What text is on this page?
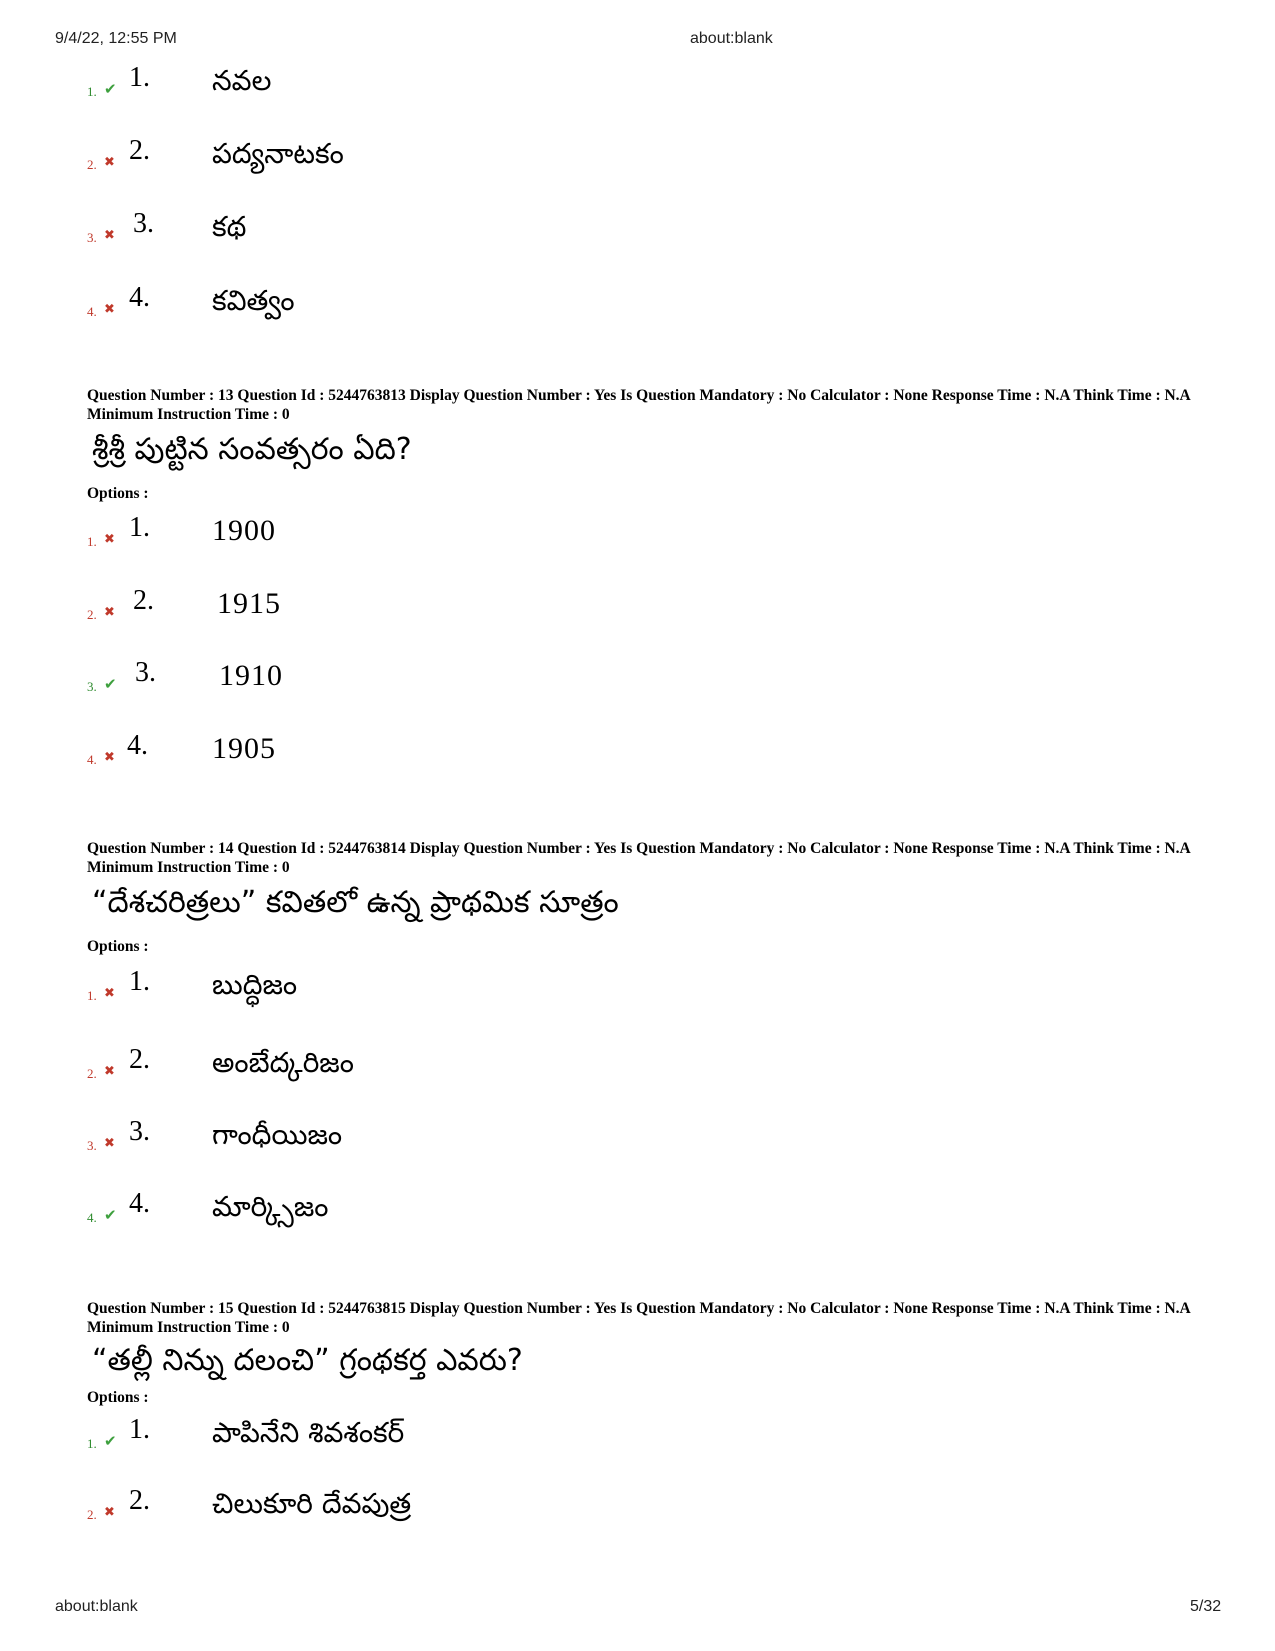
9/4/22, 12:55 PM	about:blank
about:blank	5/32
1. ✔ 1. నవల
2. ✖ 2. పద్యనాటకం
3. ✖ 3. కథ
4. ✖ 4. కవిత్వం
Question Number : 13 Question Id : 5244763813 Display Question Number : Yes Is Question Mandatory : No Calculator : None Response Time : N.A Think Time : N.A Minimum Instruction Time : 0
శ్రీశ్రీ పుట్టిన సంవత్సరం ఏది?
Options :
1. ✖ 1. 1900
2. ✖ 2. 1915
3. ✔ 3. 1910
4. ✖ 4. 1905
Question Number : 14 Question Id : 5244763814 Display Question Number : Yes Is Question Mandatory : No Calculator : None Response Time : N.A Think Time : N.A Minimum Instruction Time : 0
“దేశచరిత్రలు” కవితలో ఉన్న ప్రాథమిక సూత్రం
Options :
1. ✖ 1. బుద్ధిజం
2. ✖ 2. అంబేద్కరిజం
3. ✖ 3. గాంధీయిజం
4. ✔ 4. మార్క్సిజం
Question Number : 15 Question Id : 5244763815 Display Question Number : Yes Is Question Mandatory : No Calculator : None Response Time : N.A Think Time : N.A Minimum Instruction Time : 0
“తల్లీ నిన్ను దలంచి” గ్రంథకర్త ఎవరు?
Options :
1. ✔ 1. పాపినేని శివశంకర్
2. ✖ 2. చిలుకూరి దేవపుత్ర
